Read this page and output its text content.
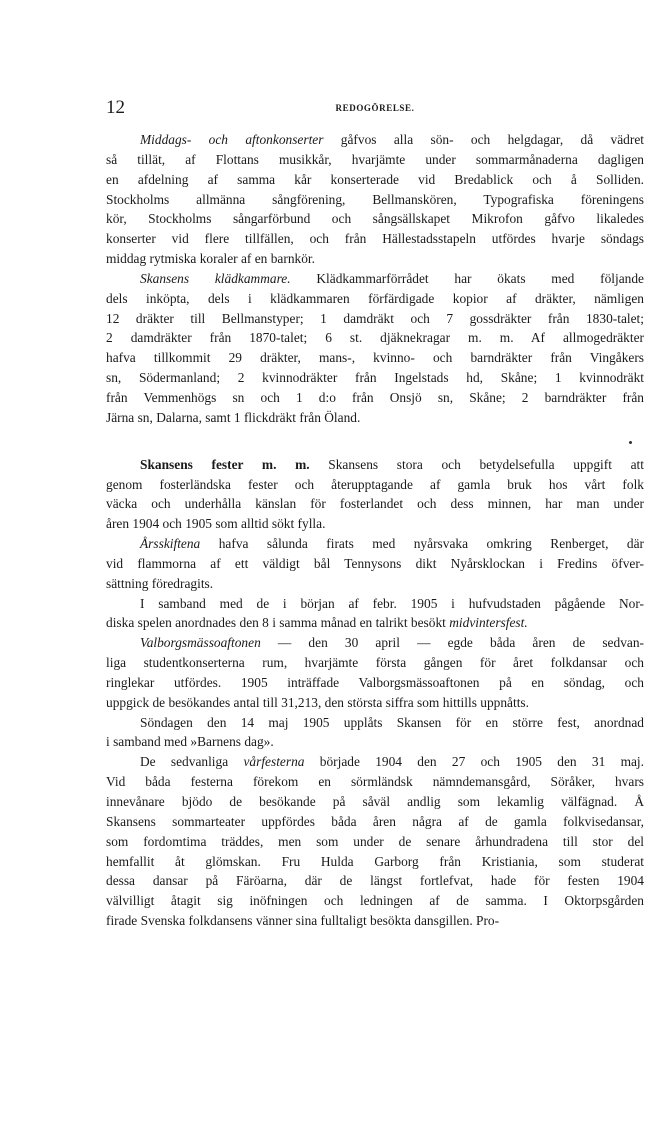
12	REDOGÖRELSE.
Middags- och aftonkonserter gåfvos alla sön- och helgdagar, då vädret
så tillät, af Flottans musikkår, hvarjämte under sommarmånaderna dagligen
en afdelning af samma kår konserterade vid Bredablick och å Solliden.
Stockholms allmänna sångförening, Bellmanskören, Typografiska föreningens
kör, Stockholms sångarförbund och sångsällskapet Mikrofon gåfvo likaledes
konserter vid flere tillfällen, och från Hällestadsstapeln utfördes hvarje söndags
middag rytmiska koraler af en barnkör.
Skansens klädkammare. Klädkammarförrådet har ökats med följande
dels inköpta, dels i klädkammaren förfärdigade kopior af dräkter, nämligen
12 dräkter till Bellmanstyper; 1 damdräkt och 7 gossdräkter från 1830-talet;
2 damdräkter från 1870-talet; 6 st. djäknekragar m. m. Af allmogedräkter
hafva tillkommit 29 dräkter, mans-, kvinno- och barndräkter från Vingåkers
sn, Södermanland; 2 kvinnodräkter från Ingelstads hd, Skåne; 1 kvinnodräkt
från Vemmenhögs sn och 1 d:o från Onsjö sn, Skåne; 2 barndräkter från
Järna sn, Dalarna, samt 1 flickdräkt från Öland.
Skansens fester m. m. Skansens stora och betydelsefulla uppgift att
genom fosterländska fester och återupptagande af gamla bruk hos vårt folk
väcka och underhålla känslan för fosterlandet och dess minnen, har man under
åren 1904 och 1905 som alltid sökt fylla.
Årsskiftena hafva sålunda firats med nyårsvaka omkring Renberget, där
vid flammorna af ett väldigt bål Tennysons dikt Nyårsklockan i Fredins öfver-
sättning föredragits.
I samband med de i början af febr. 1905 i hufvudstaden pågående Nor-
diska spelen anordnades den 8 i samma månad en talrikt besökt midvintersfest.
Valborgsmässoaftonen — den 30 april — egde båda åren de sedvan-
liga studentkonserterna rum, hvarjämte första gången för året folkdansar och
ringlekar utfördes. 1905 inträffade Valborgsmässoaftonen på en söndag, och
uppgick de besökandes antal till 31,213, den största siffra som hittills uppnåtts.
Söndagen den 14 maj 1905 upplåts Skansen för en större fest, anordnad
i samband med »Barnens dag».
De sedvanliga vårfesterna började 1904 den 27 och 1905 den 31 maj.
Vid båda festerna förekom en sörmländsk nämndemansgård, Söråker, hvars
innevånare bjödo de besökande på såväl andlig som lekamlig välfägnad. Å
Skansens sommarteater uppfördes båda åren några af de gamla folkvisedansar,
som fordomtima träddes, men som under de senare århundradena till stor del
hemfallit åt glömskan. Fru Hulda Garborg från Kristiania, som studerat
dessa dansar på Färöarna, där de längst fortlefvat, hade för festen 1904
välvilligt åtagit sig inöfningen och ledningen af de samma. I Oktorpsgården
firade Svenska folkdansens vänner sina fulltaligt besökta dansgillen. Pro-
